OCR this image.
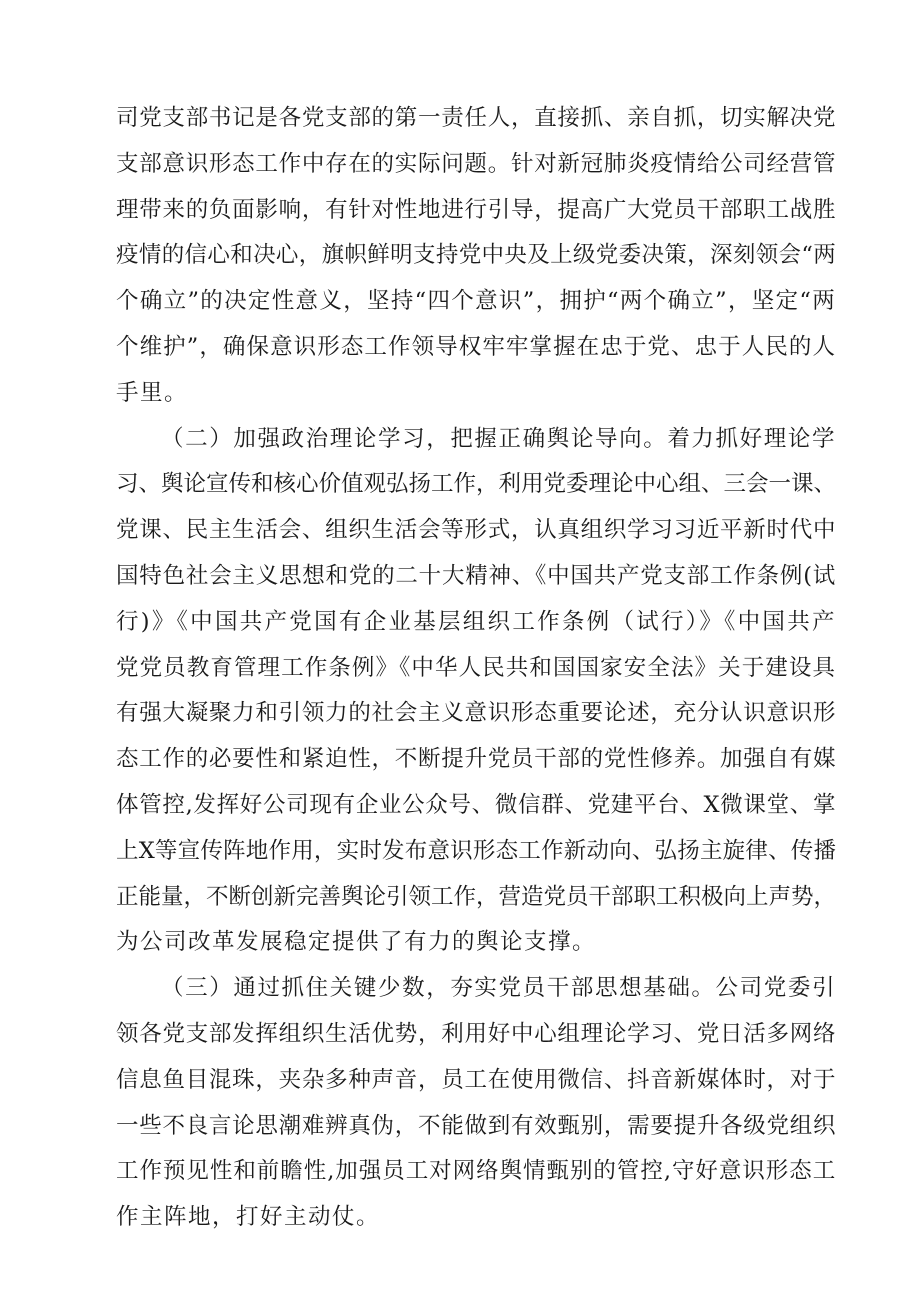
司党支部书记是各党支部的第一责任人，直接抓、亲自抓，切实解决党
支部意识形态工作中存在的实际问题。针对新冠肺炎疫情给公司经营管
理带来的负面影响，有针对性地进行引导，提高广大党员干部职工战胜
疫情的信心和决心，旗帜鲜明支持党中央及上级党委决策，深刻领会“两
个确立”的决定性意义，坚持“四个意识”，拥护“两个确立”，坚定“两
个维护”，确保意识形态工作领导权牢牢掌握在忠于党、忠于人民的人
手里。
（二）加强政治理论学习，把握正确舆论导向。着力抓好理论学
习、舆论宣传和核心价值观弘扬工作，利用党委理论中心组、三会一课、
党课、民主生活会、组织生活会等形式，认真组织学习习近平新时代中
国特色社会主义思想和党的二十大精神、《中国共产党支部工作条例(试
行)》《中国共产党国有企业基层组织工作条例（试行）》《中国共产
党党员教育管理工作条例》《中华人民共和国国家安全法》关于建设具
有强大凝聚力和引领力的社会主义意识形态重要论述，充分认识意识形
态工作的必要性和紧迫性，不断提升党员干部的党性修养。加强自有媒
体管控,发挥好公司现有企业公众号、微信群、党建平台、X微课堂、掌
上X等宣传阵地作用，实时发布意识形态工作新动向、弘扬主旋律、传播
正能量，不断创新完善舆论引领工作，营造党员干部职工积极向上声势，
为公司改革发展稳定提供了有力的舆论支撑。
（三）通过抓住关键少数，夯实党员干部思想基础。公司党委引
领各党支部发挥组织生活优势，利用好中心组理论学习、党日活多网络
信息鱼目混珠，夹杂多种声音，员工在使用微信、抖音新媒体时，对于
一些不良言论思潮难辨真伪，不能做到有效甄别，需要提升各级党组织
工作预见性和前瞻性,加强员工对网络舆情甄别的管控,守好意识形态工
作主阵地，打好主动仗。
